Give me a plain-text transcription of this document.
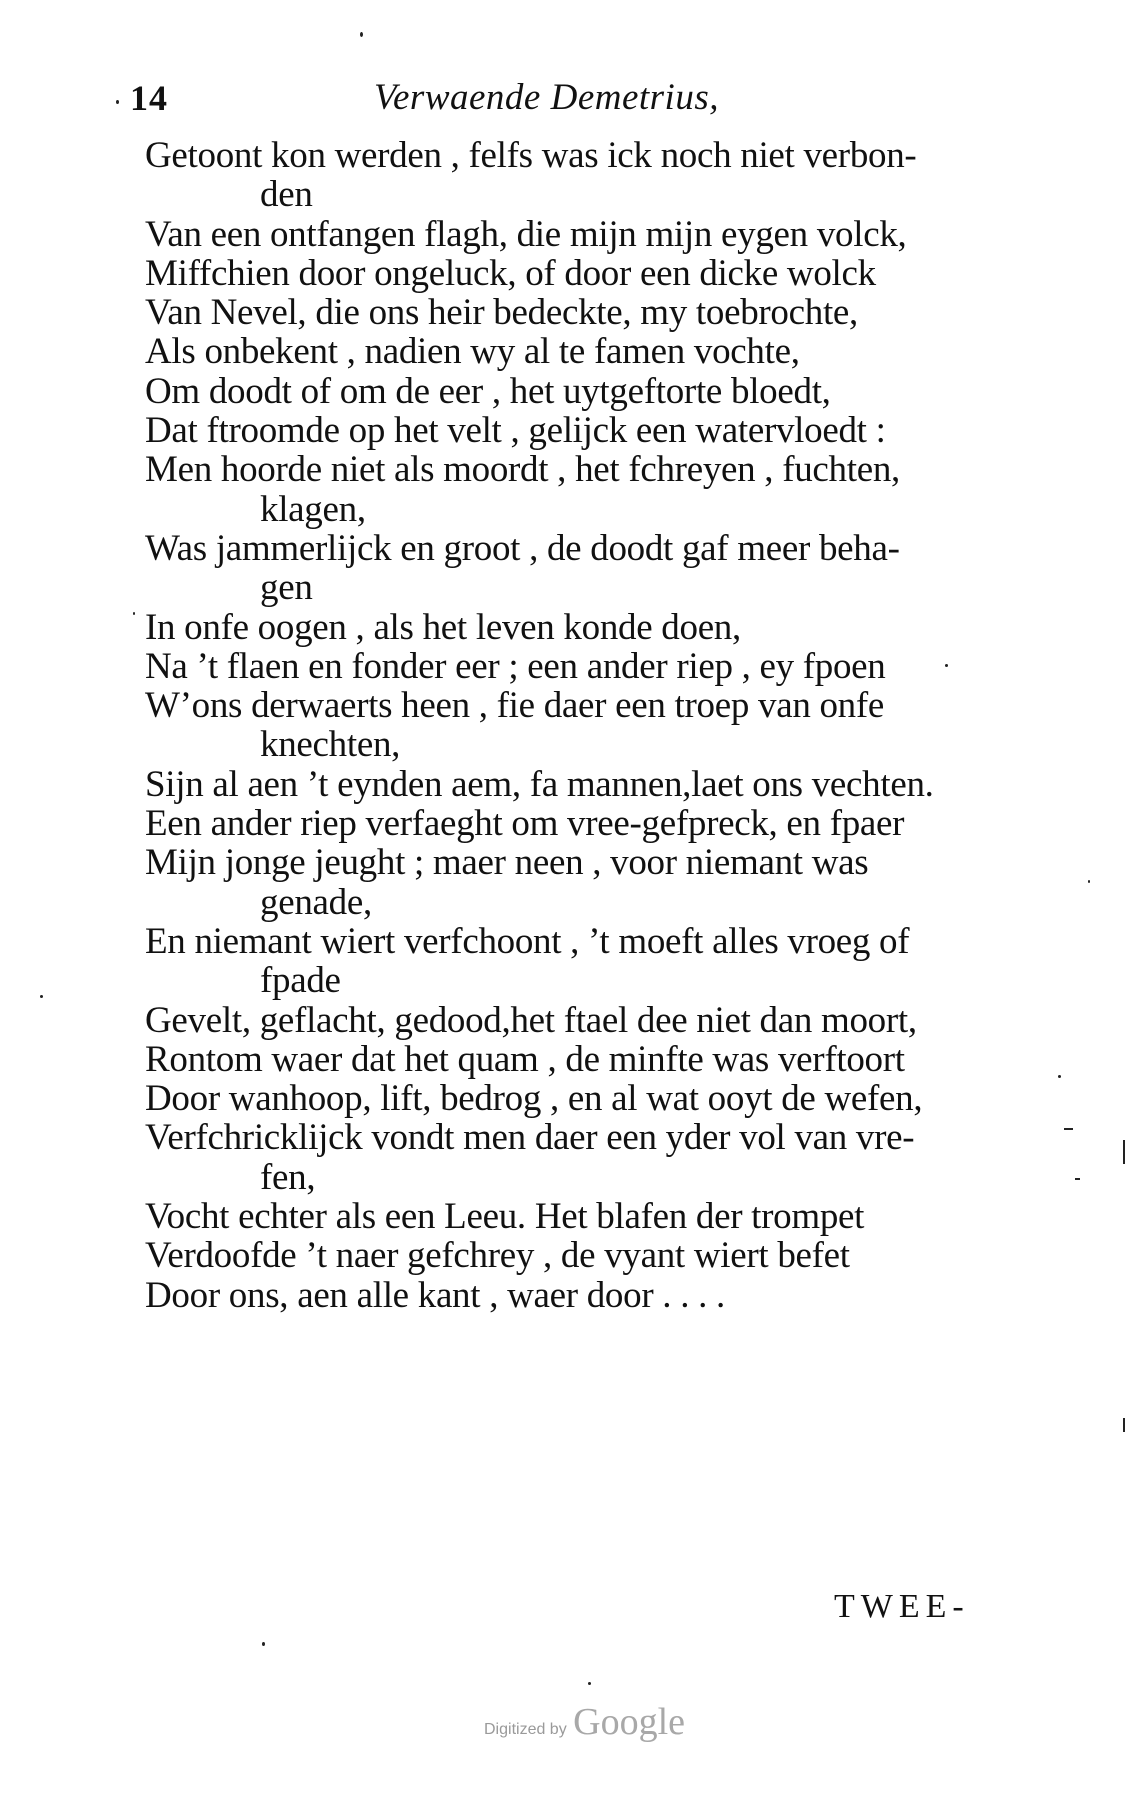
14	Verwaende Demetrius,
Getoont kon werden , felfs was ick noch niet verbon-
den
Van een ontfangen flagh, die mijn mijn eygen volck,
Miffchien door ongeluck, of door een dicke wolck
Van Nevel, die ons heir bedeckte, my toebrochte,
Als onbekent , nadien wy al te famen vochte,
Om doodt of om de eer , het uytgeftorte bloedt,
Dat ftroomde op het velt , gelijck een watervloedt :
Men hoorde niet als moordt , het fchreyen , fuchten,
klagen,
Was jammerlijck en groot , de doodt gaf meer beha-
gen
In onfe oogen , als het leven konde doen,
Na ’t flaen en fonder eer ; een ander riep , ey fpoen
W’ons derwaerts heen , fie daer een troep van onfe
knechten,
Sijn al aen ’t eynden aem, fa mannen,laet ons vechten.
Een ander riep verfaeght om vree-gefpreck, en fpaer
Mijn jonge jeught ; maer neen , voor niemant was
genade,
En niemant wiert verfchoont , ’t moeft alles vroeg of
fpade
Gevelt, geflacht, gedood,het ftael dee niet dan moort,
Rontom waer dat het quam , de minfte was verftoort
Door wanhoop, lift, bedrog , en al wat ooyt de wefen,
Verfchricklijck vondt men daer een yder vol van vre-
fen,
Vocht echter als een Leeu. Het blafen der trompet
Verdoofde ’t naer gefchrey , de vyant wiert befet
Door ons, aen alle kant , waer door . . . .
TWEE-
Digitized by Google
